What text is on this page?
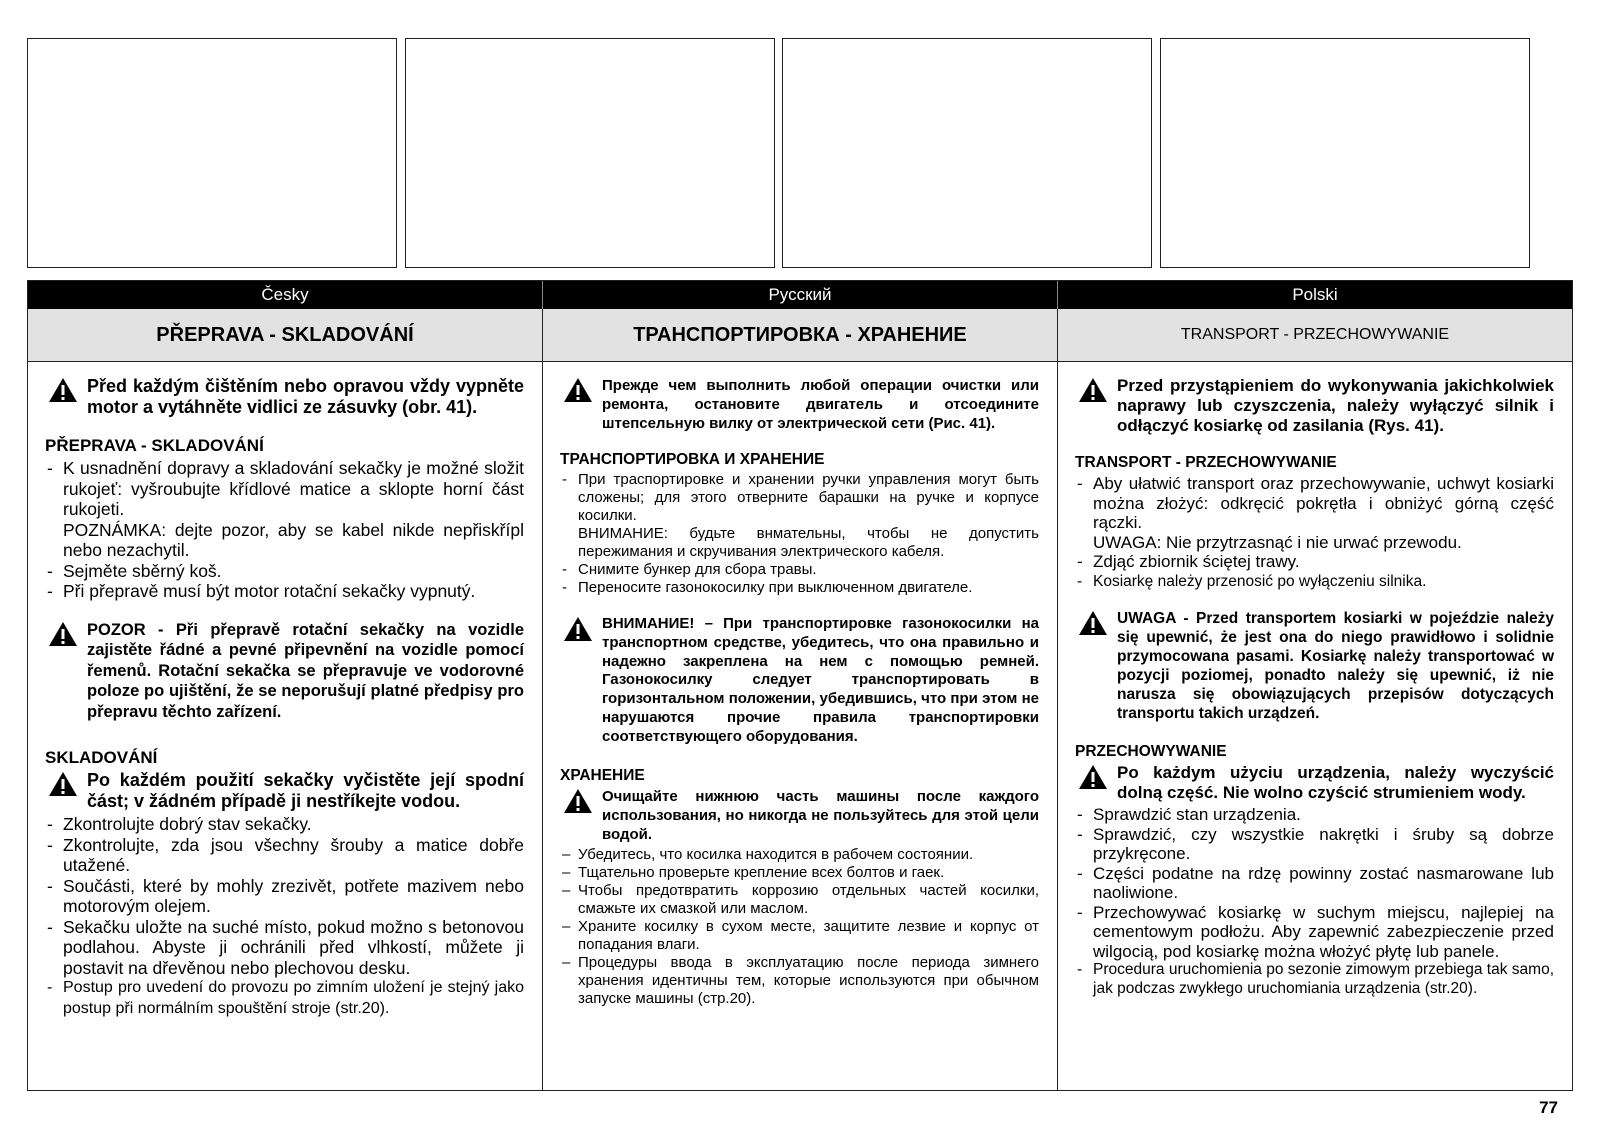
Česky	Русский	Polski
PŘEPRAVA - SKLADOVÁNÍ	ТРАНСПОРТИРОВКА - ХРАНЕНИЕ	TRANSPORT - PRZECHOWYWANIE
Před každým čištěním nebo opravou vždy vypněte motor a vytáhněte vidlici ze zásuvky (obr. 41).
PŘEPRAVA - SKLADOVÁNÍ
- K usnadnění dopravy a skladování sekačky je možné složit rukojeť: vyšroubujte křídlové matice a sklopte horní část rukojeti.
POZNÁMKA: dejte pozor, aby se kabel nikde nepřiskřípl nebo nezachytil.
- Sejměte sběrný koš.
- Při přepravě musí být motor rotační sekačky vypnutý.
POZOR - Při přepravě rotační sekačky na vozidle zajistěte řádné a pevné připevnění na vozidle pomocí řemenů. Rotační sekačka se přepravuje ve vodorovné poloze po ujištění, že se neporušují platné předpisy pro přepravu těchto zařízení.
SKLADOVÁNÍ
Po každém použití sekačky vyčistěte její spodní část; v žádném případě ji nestříkejte vodou.
- Zkontrolujte dobrý stav sekačky.
- Zkontrolujte, zda jsou všechny šrouby a matice dobře utažené.
- Součásti, které by mohly zrezivět, potřete mazivem nebo motorovým olejem.
- Sekačku uložte na suché místo, pokud možno s betonovou podlahou. Abyste ji ochránili před vlhkostí, můžete ji postavit na dřevěnou nebo plechovou desku.
- Postup pro uvedení do provozu po zimním uložení je stejný jako postup při normálním spouštění stroje (str.20).
Прежде чем выполнить любой операции очистки или ремонта, остановите двигатель и отсоедините штепсельную вилку от электрической сети (Рис. 41).
ТРАНСПОРТИРОВКА И ХРАНЕНИЕ
- При траспортировке и хранении ручки управления могут быть сложены; для этого отверните барашки на ручке и корпусе косилки.
ВНИМАНИЕ: будьте внмательны, чтобы не допустить пережимания и скручивания электрического кабеля.
- Снимите бункер для сбора травы.
- Переносите газонокосилку при выключенном двигателе.
ВНИМАНИЕ! – При транспортировке газонокосилки на транспортном средстве, убедитесь, что она правильно и надежно закреплена на нем с помощью ремней. Газонокосилку следует транспортировать в горизонтальном положении, убедившись, что при этом не нарушаются прочие правила транспортировки соответствующего оборудования.
ХРАНЕНИЕ
Очищайте нижнюю часть машины после каждого использования, но никогда не пользуйтесь для этой цели водой.
– Убедитесь, что косилка находится в рабочем состоянии.
– Тщательно проверьте крепление всех болтов и гаек.
– Чтобы предотвратить коррозию отдельных частей косилки, смажьте их смазкой или маслом.
– Храните косилку в сухом месте, защитите лезвие и корпус от попадания влаги.
– Процедуры ввода в эксплуатацию после периода зимнего хранения идентичны тем, которые используются при обычном запуске машины (стр.20).
Przed przystąpieniem do wykonywania jakichkolwiek naprawy lub czyszczenia, należy wyłączyć silnik i odłączyć kosiarkę od zasilania (Rys. 41).
TRANSPORT - PRZECHOWYWANIE
- Aby ułatwić transport oraz przechowywanie, uchwyt kosiarki można złożyć: odkręcić pokrętła i obniżyć górną część rączki.
UWAGA: Nie przytrzasnąć i nie urwać przewodu.
- Zdjąć zbiornik ściętej trawy.
- Kosiarkę należy przenosić po wyłączeniu silnika.
UWAGA - Przed transportem kosiarki w pojeździe należy się upewnić, że jest ona do niego prawidłowo i solidnie przymocowana pasami. Kosiarkę należy transportować w pozycji poziomej, ponadto należy się upewnić, iż nie narusza się obowiązujących przepisów dotyczących transportu takich urządzeń.
PRZECHOWYWANIE
Po każdym użyciu urządzenia, należy wyczyścić dolną część. Nie wolno czyścić strumieniem wody.
- Sprawdzić stan urządzenia.
- Sprawdzić, czy wszystkie nakrętki i śruby są dobrze przykręcone.
- Części podatne na rdzę powinny zostać nasmarowane lub naoliwione.
- Przechowywać kosiarkę w suchym miejscu, najlepiej na cementowym podłożu. Aby zapewnić zabezpieczenie przed wilgocią, pod kosiarkę można włożyć płytę lub panele.
- Procedura uruchomienia po sezonie zimowym przebiega tak samo, jak podczas zwykłego uruchomiania urządzenia (str.20).
77
